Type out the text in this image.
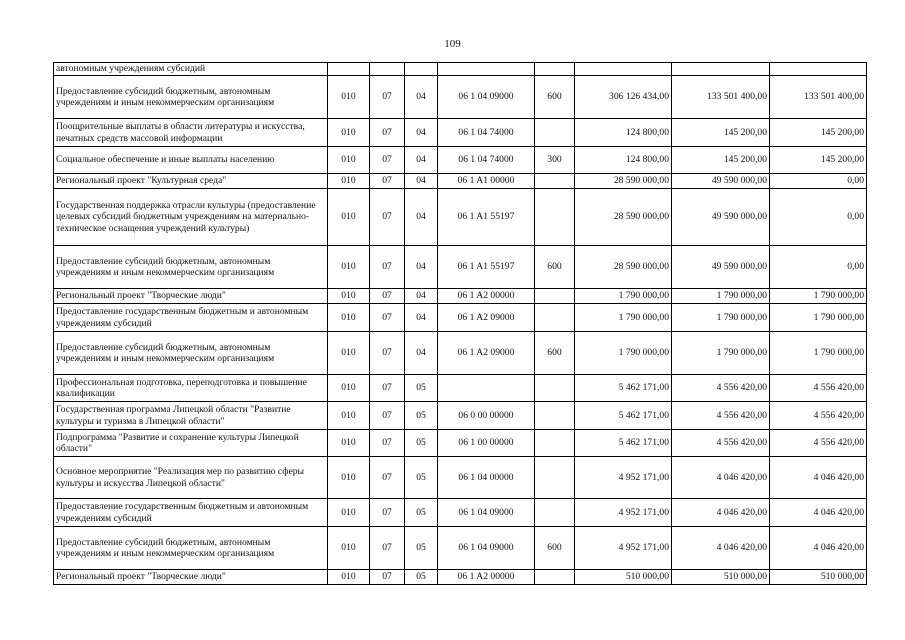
109
автономным учреждениям субсидий								
Предоставление субсидий бюджетным, автономным учреждениям и иным некоммерческим организациям	010	07	04	06 1 04 09000	600	306 126 434,00	133 501 400,00	133 501 400,00
Поощрительные выплаты в области литературы и искусства, печатных средств массовой информации	010	07	04	06 1 04 74000		124 800,00	145 200,00	145 200,00
Социальное обеспечение и иные выплаты населению	010	07	04	06 1 04 74000	300	124 800,00	145 200,00	145 200,00
Региональный проект "Культурная среда"	010	07	04	06 1 A1 00000		28 590 000,00	49 590 000,00	0,00
Государственная поддержка отрасли культуры (предоставление целевых субсидий бюджетным учреждениям на материально-техническое оснащения учреждений культуры)	010	07	04	06 1 A1 55197		28 590 000,00	49 590 000,00	0,00
Предоставление субсидий бюджетным, автономным учреждениям и иным некоммерческим организациям	010	07	04	06 1 A1 55197	600	28 590 000,00	49 590 000,00	0,00
Региональный проект "Творческие люди"	010	07	04	06 1 A2 00000		1 790 000,00	1 790 000,00	1 790 000,00
Предоставление государственным бюджетным и автономным учреждениям субсидий	010	07	04	06 1 A2 09000		1 790 000,00	1 790 000,00	1 790 000,00
Предоставление субсидий бюджетным, автономным учреждениям и иным некоммерческим организациям	010	07	04	06 1 A2 09000	600	1 790 000,00	1 790 000,00	1 790 000,00
Профессиональная подготовка, переподготовка и повышение квалификации	010	07	05			5 462 171,00	4 556 420,00	4 556 420,00
Государственная программа Липецкой области "Развитие культуры и туризма в Липецкой области"	010	07	05	06 0 00 00000		5 462 171,00	4 556 420,00	4 556 420,00
Подпрограмма "Развитие и сохранение культуры Липецкой области"	010	07	05	06 1 00 00000		5 462 171,00	4 556 420,00	4 556 420,00
Основное мероприятие "Реализация мер по развитию сферы культуры и искусства Липецкой области"	010	07	05	06 1 04 00000		4 952 171,00	4 046 420,00	4 046 420,00
Предоставление государственным бюджетным и автономным учреждениям субсидий	010	07	05	06 1 04 09000		4 952 171,00	4 046 420,00	4 046 420,00
Предоставление субсидий бюджетным, автономным учреждениям и иным некоммерческим организациям	010	07	05	06 1 04 09000	600	4 952 171,00	4 046 420,00	4 046 420,00
Региональный проект "Творческие люди"	010	07	05	06 1 A2 00000		510 000,00	510 000,00	510 000,00
